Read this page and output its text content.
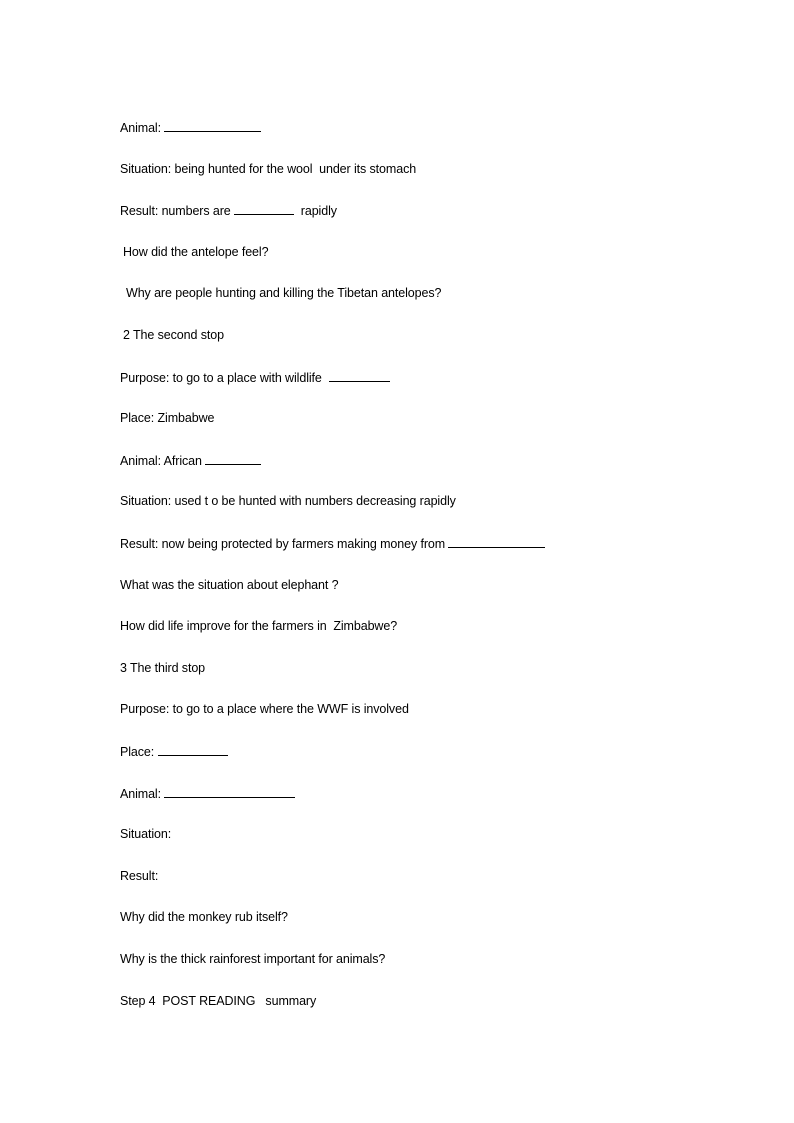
Animal:
Situation: being hunted for the wool  under its stomach
Result: numbers are	rapidly
How did the antelope feel?
Why are people hunting and killing the Tibetan antelopes?
2 The second stop
Purpose: to go to a place with wildlife
Place: Zimbabwe
Animal: African
Situation: used t o be hunted with numbers decreasing rapidly
Result: now being protected by farmers making money from
What was the situation about elephant ?
How did life improve for the farmers in  Zimbabwe?
3 The third stop
Purpose: to go to a place where the WWF is involved
Place:
Animal:
Situation:
Result:
Why did the monkey rub itself?
Why is the thick rainforest important for animals?
Step 4  POST READING   summary
